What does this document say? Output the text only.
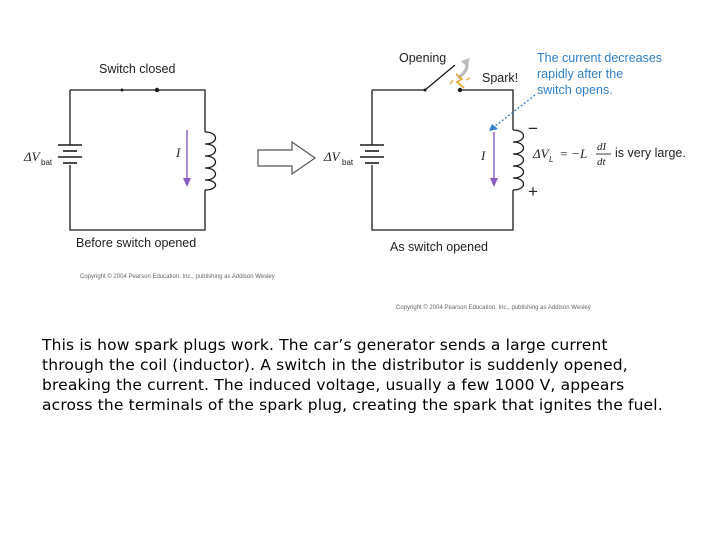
Switch closed
ΔV bat
I
Before switch opened
Copyright © 2004 Pearson Education, Inc., publishing as Addison Wesley
Opening
Spark!
The current decreases
rapidly after the
switch opens.
ΔV bat	I
−
+
ΔV L = −L dI
dt
is very large.
As switch opened
Copyright © 2004 Pearson Education, Inc., publishing as Addison Wesley
This is how spark plugs work. The car’s generator sends a large current
through the coil (inductor). A switch in the distributor is suddenly opened,
breaking the current. The induced voltage, usually a few 1000 V, appears
across the terminals of the spark plug, creating the spark that ignites the fuel.
